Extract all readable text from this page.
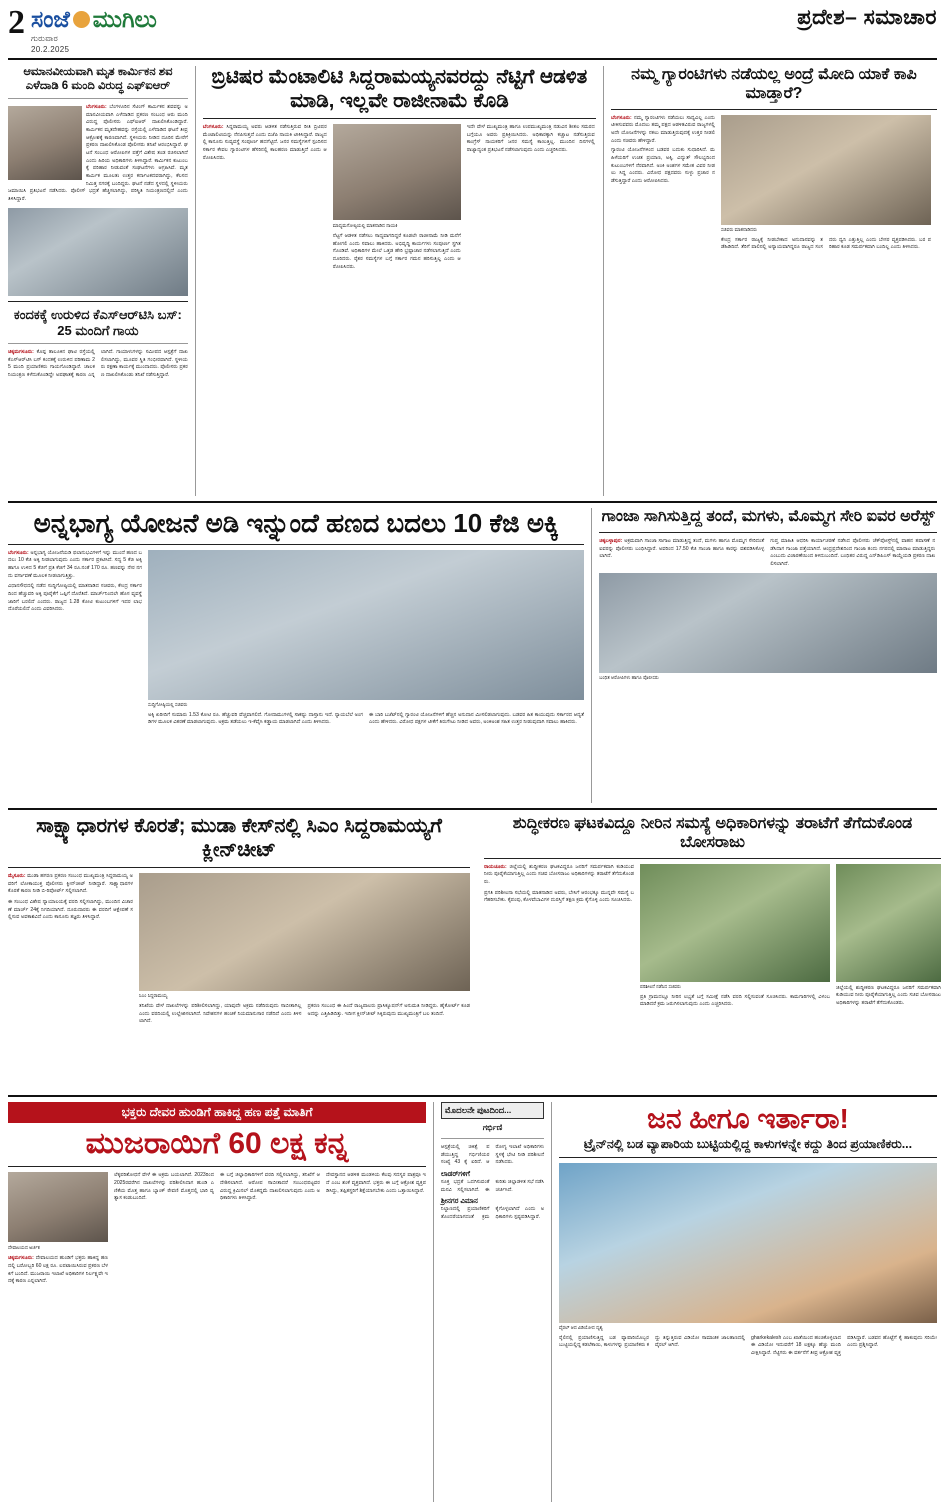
2 ಸಂಜೆ ಮುಗಿಲು
ಗುರುವಾರ
20.2.2025
ಪ್ರದೇಶ– ಸಮಾಚಾರ
ಆಮಾನವೀಯವಾಗಿ ಮೃತ ಕಾರ್ಮಿಕನ ಶವ ಎಳೆದಾಡಿ 6 ಮಂದಿ ವಿರುದ್ಧ ಎಫ್‌ಐಆರ್
ಬೆಂಗಳೂರು: ಬೆಂಗಳೂರಿನ ಸೆಟಿಂಗ್ ಕಾರ್ಮಿಕನ ಶವವನ್ನು ಅಮಾನವೀಯವಾಗಿ ಎಳೆದಾಡಿದ ಪ್ರಕರಣ ಸಂಬಂಧ ಆರು ಮಂದಿ ವಿರುದ್ಧ ಪೊಲೀಸರು ಎಫ್‌ಐಆರ್ ದಾಖಲಿಸಿಕೊಂಡಿದ್ದಾರೆ. ಕಾರ್ಮಿಕನ ಮೃತದೇಹವನ್ನು ರಸ್ತೆಯಲ್ಲಿ ಎಳೆದಾಡಿದ ಘಟನೆ ತೀವ್ರ ಆಕ್ರೋಶಕ್ಕೆ ಕಾರಣವಾಗಿದೆ. ಸ್ಥಳೀಯರು ನೀಡಿದ ದೂರಿನ ಮೇರೆಗೆ ಪ್ರಕರಣ ದಾಖಲಿಸಿಕೊಂಡ ಪೊಲೀಸರು ತನಿಖೆ ಆರಂಭಿಸಿದ್ದಾರೆ. ಘಟನೆ ಸಂಬಂಧ ಆರೋಪಿಗಳ ಪತ್ತೆಗೆ ವಿಶೇಷ ತಂಡ ರಚಿಸಲಾಗಿದೆ ಎಂದು ಹಿರಿಯ ಅಧಿಕಾರಿಗಳು ತಿಳಿಸಿದ್ದಾರೆ. ಕಾರ್ಮಿಕನ ಕುಟುಂಬಕ್ಕೆ ಪರಿಹಾರ ನೀಡುವಂತೆ ಸಂಘಟನೆಗಳು ಆಗ್ರಹಿಸಿವೆ. ಮೃತ ಕಾರ್ಮಿಕ ಮೂಲತಃ ಉತ್ತರ ಕರ್ನಾಟಕದವರಾಗಿದ್ದು, ಕೆಲಸದ ನಿಮಿತ್ತ ನಗರಕ್ಕೆ ಬಂದಿದ್ದರು. ಘಟನೆ ನಡೆದ ಸ್ಥಳದಲ್ಲಿ ಸ್ಥಳೀಯರು ಜಮಾಯಿಸಿ ಪ್ರತಿಭಟನೆ ನಡೆಸಿದರು. ಪೊಲೀಸ್ ಭದ್ರತೆ ಹೆಚ್ಚಿಸಲಾಗಿದ್ದು, ಪರಿಸ್ಥಿತಿ ನಿಯಂತ್ರಣದಲ್ಲಿದೆ ಎಂದು ತಿಳಿಸಿದ್ದಾರೆ.
ಕಂದಕಕ್ಕೆ ಉರುಳಿದ ಕೆಎಸ್‌ಆರ್‌ಟಿಸಿ ಬಸ್: 25 ಮಂದಿಗೆ ಗಾಯ
ಚಿಕ್ಕಮಗಳೂರು: ಕೊಪ್ಪ ತಾಲೂಕಿನ ಘಾಟಿ ರಸ್ತೆಯಲ್ಲಿ ಕೆಎಸ್‌ಆರ್‌ಟಿಸಿ ಬಸ್ ಕಂದಕಕ್ಕೆ ಉರುಳಿದ ಪರಿಣಾಮ 25 ಮಂದಿ ಪ್ರಯಾಣಿಕರು ಗಾಯಗೊಂಡಿದ್ದಾರೆ. ಚಾಲಕ ನಿಯಂತ್ರಣ ಕಳೆದುಕೊಂಡಿದ್ದೇ ಅಪಘಾತಕ್ಕೆ ಕಾರಣ ಎನ್ನಲಾಗಿದೆ. ಗಾಯಾಳುಗಳನ್ನು ಸಮೀಪದ ಆಸ್ಪತ್ರೆಗೆ ದಾಖಲಿಸಲಾಗಿದ್ದು, ಮೂವರ ಸ್ಥಿತಿ ಗಂಭೀರವಾಗಿದೆ. ಸ್ಥಳೀಯರು ರಕ್ಷಣಾ ಕಾರ್ಯಕ್ಕೆ ಮುಂದಾದರು. ಪೊಲೀಸರು ಪ್ರಕರಣ ದಾಖಲಿಸಿಕೊಂಡು ತನಿಖೆ ನಡೆಸುತ್ತಿದ್ದಾರೆ.
ಬ್ರಿಟಿಷರ ಮೆಂಟಾಲಿಟಿ ಸಿದ್ದರಾಮಯ್ಯನವರದ್ದು ನೆಟ್ಟಿಗೆ ಆಡಳಿತ ಮಾಡಿ, ಇಲ್ಲವೇ ರಾಜೀನಾಮೆ ಕೊಡಿ
ಬೆಂಗಳೂರು: ಸಿದ್ದರಾಮಯ್ಯ ಅವರು ಆಡಳಿತ ನಡೆಸುತ್ತಿರುವ ರೀತಿ ಬ್ರಿಟಿಷರ ಮೆಂಟಾಲಿಟಿಯನ್ನು ನೆನಪಿಸುತ್ತದೆ ಎಂದು ಬಿಜೆಪಿ ನಾಯಕಿ ಟೀಕಿಸಿದ್ದಾರೆ. ರಾಜ್ಯದಲ್ಲಿ ಕಾನೂನು ಸುವ್ಯವಸ್ಥೆ ಸಂಪೂರ್ಣ ಹದಗೆಟ್ಟಿದೆ. ಜನರ ಸಮಸ್ಯೆಗಳಿಗೆ ಸ್ಪಂದಿಸದ ಸರ್ಕಾರ ಕೇವಲ ಗ್ಯಾರಂಟಿಗಳ ಹೆಸರಿನಲ್ಲಿ ಕಾಲಹರಣ ಮಾಡುತ್ತಿದೆ ಎಂದು ಆರೋಪಿಸಿದರು.
ಮಾಧ್ಯಮಗೋಷ್ಠಿಯಲ್ಲಿ ಮಾತನಾಡಿದ ನಾಯಕಿ
ನೆಟ್ಟಗೆ ಆಡಳಿತ ನಡೆಸಲು ಸಾಧ್ಯವಾಗದಿದ್ದರೆ ಕೂಡಲೇ ರಾಜೀನಾಮೆ ನೀಡಿ ಮನೆಗೆ ಹೋಗಲಿ ಎಂದು ಸವಾಲು ಹಾಕಿದರು. ಅಭಿವೃದ್ಧಿ ಕಾರ್ಯಗಳು ಸಂಪೂರ್ಣ ಸ್ಥಗಿತಗೊಂಡಿವೆ. ಅಧಿಕಾರಿಗಳ ಮೇಲೆ ಒತ್ತಡ ಹೇರಿ ಭ್ರಷ್ಟಾಚಾರ ನಡೆಸಲಾಗುತ್ತಿದೆ ಎಂದು ದೂರಿದರು. ರೈತರ ಸಮಸ್ಯೆಗಳ ಬಗ್ಗೆ ಸರ್ಕಾರ ಗಮನ ಹರಿಸುತ್ತಿಲ್ಲ ಎಂದು ಆರೋಪಿಸಿದರು.
ಇದೇ ವೇಳೆ ಮುಖ್ಯಮಂತ್ರಿ ಹಾಗೂ ಉಪಮುಖ್ಯಮಂತ್ರಿ ನಡುವಿನ ಶೀತಲ ಸಮರದ ಬಗ್ಗೆಯೂ ಅವರು ಪ್ರತಿಕ್ರಿಯಿಸಿದರು. ಅಧಿಕಾರಕ್ಕಾಗಿ ಕಚ್ಚಾಟ ನಡೆಸುತ್ತಿರುವ ಕಾಂಗ್ರೆಸ್ ನಾಯಕರಿಗೆ ಜನರ ಸಮಸ್ಯೆ ಕಾಣುತ್ತಿಲ್ಲ. ಮುಂದಿನ ದಿನಗಳಲ್ಲಿ ರಾಜ್ಯಾದ್ಯಂತ ಪ್ರತಿಭಟನೆ ನಡೆಸಲಾಗುವುದು ಎಂದು ಎಚ್ಚರಿಸಿದರು.
ನಮ್ಮ ಗ್ಯಾರಂಟಿಗಳು ನಡೆಯಲ್ಲ ಅಂದ್ರೆ ಮೋದಿ ಯಾಕೆ ಕಾಪಿ ಮಾಡ್ತಾರೆ?
ಬೆಂಗಳೂರು: ನಮ್ಮ ಗ್ಯಾರಂಟಿಗಳು ನಡೆಯಲು ಸಾಧ್ಯವಿಲ್ಲ ಎಂದು ಟೀಕಿಸುವವರು ಮೊದಲು ತಮ್ಮ ಪಕ್ಷದ ಆಡಳಿತವಿರುವ ರಾಜ್ಯಗಳಲ್ಲಿ ಅದೇ ಯೋಜನೆಗಳನ್ನು ನಕಲು ಮಾಡುತ್ತಿರುವುದಕ್ಕೆ ಉತ್ತರ ನೀಡಲಿ ಎಂದು ಸಚಿವರು ಹೇಳಿದ್ದಾರೆ.
ಗ್ಯಾರಂಟಿ ಯೋಜನೆಗಳಿಂದ ಬಡವರ ಬದುಕು ಸುಧಾರಿಸಿದೆ. ಮಹಿಳೆಯರಿಗೆ ಉಚಿತ ಪ್ರಯಾಣ, ಅಕ್ಕಿ, ವಿದ್ಯುತ್ ಸೌಲಭ್ಯದಿಂದ ಕುಟುಂಬಗಳಿಗೆ ನೆರವಾಗಿದೆ. ಅಂಕಿ ಅಂಶಗಳ ಸಮೇತ ವಿವರ ನೀಡಲು ಸಿದ್ಧ ಎಂದರು. ವಿರೋಧ ಪಕ್ಷದವರು ಸುಳ್ಳು ಪ್ರಚಾರ ನಡೆಸುತ್ತಿದ್ದಾರೆ ಎಂದು ಆರೋಪಿಸಿದರು.
ಸಚಿವರು ಮಾತನಾಡಿದರು
ಕೇಂದ್ರ ಸರ್ಕಾರ ರಾಜ್ಯಕ್ಕೆ ನೀಡಬೇಕಾದ ಅನುದಾನವನ್ನು ತಡೆಹಿಡಿದಿದೆ. ತೆರಿಗೆ ಪಾಲಿನಲ್ಲಿ ಅನ್ಯಾಯವಾಗಿದ್ದರೂ ರಾಜ್ಯದ ಸಂಸದರು ಧ್ವನಿ ಎತ್ತುತ್ತಿಲ್ಲ ಎಂದು ಬೇಸರ ವ್ಯಕ್ತಪಡಿಸಿದರು. ಬರ ಪರಿಹಾರ ಕೂಡ ಸಮರ್ಪಕವಾಗಿ ಬಂದಿಲ್ಲ ಎಂದು ತಿಳಿಸಿದರು.
ಅನ್ನಭಾಗ್ಯ ಯೋಜನೆ ಅಡಿ ಇನ್ನುಂದೆ ಹಣದ ಬದಲು 10 ಕೆಜಿ ಅಕ್ಕಿ
ಬೆಂಗಳೂರು: ಅನ್ನಭಾಗ್ಯ ಯೋಜನೆಯಡಿ ಫಲಾನುಭವಿಗಳಿಗೆ ಇನ್ನು ಮುಂದೆ ಹಣದ ಬದಲು 10 ಕೆಜಿ ಅಕ್ಕಿ ನೀಡಲಾಗುವುದು ಎಂದು ಸರ್ಕಾರ ಪ್ರಕಟಿಸಿದೆ. ಸದ್ಯ 5 ಕೆಜಿ ಅಕ್ಕಿ ಹಾಗೂ ಉಳಿದ 5 ಕೆಜಿಗೆ ಪ್ರತಿ ಕೆಜಿಗೆ 34 ರೂ.ನಂತೆ 170 ರೂ. ಹಣವನ್ನು ನೇರ ನಗದು ವರ್ಗಾವಣೆ ಮೂಲಕ ನೀಡಲಾಗುತ್ತಿತ್ತು.
ವಿಧಾನಸೌಧದಲ್ಲಿ ನಡೆದ ಸುದ್ದಿಗೋಷ್ಠಿಯಲ್ಲಿ ಮಾತನಾಡಿದ ಸಚಿವರು, ಕೇಂದ್ರ ಸರ್ಕಾರದಿಂದ ಹೆಚ್ಚುವರಿ ಅಕ್ಕಿ ಪೂರೈಕೆಗೆ ಒಪ್ಪಿಗೆ ದೊರೆತಿದೆ. ಮಾರ್ಚ್‌ನಿಂದಲೇ ಹೊಸ ವ್ಯವಸ್ಥೆ ಜಾರಿಗೆ ಬರಲಿದೆ ಎಂದರು. ರಾಜ್ಯದ 1.28 ಕೋಟಿ ಕುಟುಂಬಗಳಿಗೆ ಇದರ ಲಾಭ ದೊರೆಯಲಿದೆ ಎಂದು ವಿವರಿಸಿದರು.
ಸುದ್ದಿಗೋಷ್ಠಿಯಲ್ಲಿ ಸಚಿವರು
ಅಕ್ಕಿ ಖರೀದಿಗೆ ಸುಮಾರು 1.53 ಕೋಟಿ ರೂ. ಹೆಚ್ಚುವರಿ ವೆಚ್ಚವಾಗಲಿದೆ. ಗೋದಾಮುಗಳಲ್ಲಿ ಸಾಕಷ್ಟು ದಾಸ್ತಾನು ಇದೆ. ನ್ಯಾಯಬೆಲೆ ಅಂಗಡಿಗಳ ಮೂಲಕ ವಿತರಣೆ ಮಾಡಲಾಗುವುದು. ಅಕ್ರಮ ತಡೆಯಲು ಇ-ಕೆವೈಸಿ ಕಡ್ಡಾಯ ಮಾಡಲಾಗಿದೆ ಎಂದು ತಿಳಿಸಿದರು.
ಈ ಬಾರಿ ಬಜೆಟ್‌ನಲ್ಲಿ ಗ್ಯಾರಂಟಿ ಯೋಜನೆಗಳಿಗೆ ಹೆಚ್ಚಿನ ಅನುದಾನ ಮೀಸಲಿಡಲಾಗುವುದು. ಬಡವರ ಹಿತ ಕಾಯುವುದು ಸರ್ಕಾರದ ಆದ್ಯತೆ ಎಂದು ಹೇಳಿದರು. ವಿರೋಧ ಪಕ್ಷಗಳ ಟೀಕೆಗೆ ತಿರುಗೇಟು ನೀಡಿದ ಅವರು, ಅಂಕಿಅಂಶ ಸಹಿತ ಉತ್ತರ ನೀಡುವುದಾಗಿ ಸವಾಲು ಹಾಕಿದರು.
ಗಾಂಜಾ ಸಾಗಿಸುತ್ತಿದ್ದ ತಂದೆ, ಮಗಳು, ಮೊಮ್ಮಗ ಸೇರಿ ಐವರ ಅರೆಸ್ಟ್
ಚಿಕ್ಕಬಳ್ಳಾಪುರ: ಅಕ್ರಮವಾಗಿ ಗಾಂಜಾ ಸಾಗಾಟ ಮಾಡುತ್ತಿದ್ದ ತಂದೆ, ಮಗಳು ಹಾಗೂ ಮೊಮ್ಮಗ ಸೇರಿದಂತೆ ಐವರನ್ನು ಪೊಲೀಸರು ಬಂಧಿಸಿದ್ದಾರೆ. ಅವರಿಂದ 17.50 ಕೆಜಿ ಗಾಂಜಾ ಹಾಗೂ ಕಾರನ್ನು ವಶಪಡಿಸಿಕೊಳ್ಳಲಾಗಿದೆ.
ಗುಪ್ತ ಮಾಹಿತಿ ಆಧರಿಸಿ ಕಾರ್ಯಾಚರಣೆ ನಡೆಸಿದ ಪೊಲೀಸರು ಚೆಕ್‌ಪೋಸ್ಟ್‌ನಲ್ಲಿ ವಾಹನ ತಪಾಸಣೆ ನಡೆಸಿದಾಗ ಗಾಂಜಾ ಪತ್ತೆಯಾಗಿದೆ. ಆಂಧ್ರಪ್ರದೇಶದಿಂದ ಗಾಂಜಾ ತಂದು ನಗರದಲ್ಲಿ ಮಾರಾಟ ಮಾಡುತ್ತಿದ್ದರು ಎಂಬುದು ವಿಚಾರಣೆಯಿಂದ ತಿಳಿದುಬಂದಿದೆ. ಬಂಧಿತರ ವಿರುದ್ಧ ಎನ್‌ಡಿಪಿಎಸ್ ಕಾಯ್ದೆಯಡಿ ಪ್ರಕರಣ ದಾಖಲಿಸಲಾಗಿದೆ.
ಬಂಧಿತ ಆರೋಪಿಗಳು ಹಾಗೂ ಪೊಲೀಸರು
ಸಾಕ್ಷ್ಯಾಧಾರಗಳ ಕೊರತೆ; ಮುಡಾ ಕೇಸ್‌ನಲ್ಲಿ ಸಿಎಂ ಸಿದ್ದರಾಮಯ್ಯಗೆ ಕ್ಲೀನ್‌ಚೀಟ್
ಮೈಸೂರು: ಮುಡಾ ಹಗರಣ ಪ್ರಕರಣ ಸಂಬಂಧ ಮುಖ್ಯಮಂತ್ರಿ ಸಿದ್ದರಾಮಯ್ಯ ಅವರಿಗೆ ಲೋಕಾಯುಕ್ತ ಪೊಲೀಸರು ಕ್ಲೀನ್‌ಚೀಟ್ ನೀಡಿದ್ದಾರೆ. ಸಾಕ್ಷ್ಯಾಧಾರಗಳ ಕೊರತೆ ಕಾರಣ ನೀಡಿ ಬಿ-ರಿಪೋರ್ಟ್ ಸಲ್ಲಿಸಲಾಗಿದೆ.
ಈ ಸಂಬಂಧ ವಿಶೇಷ ನ್ಯಾಯಾಲಯಕ್ಕೆ ವರದಿ ಸಲ್ಲಿಸಲಾಗಿದ್ದು, ಮುಂದಿನ ವಿಚಾರಣೆ ಮಾರ್ಚ್ 24ಕ್ಕೆ ನಿಗದಿಯಾಗಿದೆ. ದೂರುದಾರರು ಈ ವರದಿಗೆ ಆಕ್ಷೇಪಣೆ ಸಲ್ಲಿಸುವ ಅವಕಾಶವಿದೆ ಎಂದು ಕಾನೂನು ತಜ್ಞರು ತಿಳಿಸಿದ್ದಾರೆ.
ಸಿಎಂ ಸಿದ್ದರಾಮಯ್ಯ
ತನಿಖೆಯ ವೇಳೆ ದಾಖಲೆಗಳನ್ನು ಪರಿಶೀಲಿಸಲಾಗಿದ್ದು, ಯಾವುದೇ ಅಕ್ರಮ ನಡೆದಿರುವುದು ಸಾಬೀತಾಗಿಲ್ಲ ಎಂದು ವರದಿಯಲ್ಲಿ ಉಲ್ಲೇಖಿಸಲಾಗಿದೆ. ನಿವೇಶನಗಳ ಹಂಚಿಕೆ ನಿಯಮಾನುಸಾರ ನಡೆದಿದೆ ಎಂದು ತಿಳಿಸಲಾಗಿದೆ.
ಪ್ರಕರಣ ಸಂಬಂಧ ಈ ಹಿಂದೆ ರಾಜ್ಯಪಾಲರು ಪ್ರಾಸಿಕ್ಯೂಷನ್‌ಗೆ ಅನುಮತಿ ನೀಡಿದ್ದರು. ಹೈಕೋರ್ಟ್ ಕೂಡ ಅದನ್ನು ಎತ್ತಿಹಿಡಿದಿತ್ತು. ಇದೀಗ ಕ್ಲೀನ್‌ಚೀಟ್ ಸಿಕ್ಕಿರುವುದು ಮುಖ್ಯಮಂತ್ರಿಗೆ ಬಲ ತಂದಿದೆ.
ಶುದ್ಧೀಕರಣ ಘಟಕವಿದ್ದೂ ನೀರಿನ ಸಮಸ್ಯೆ ಅಧಿಕಾರಿಗಳನ್ನು ತರಾಟೆಗೆ ತೆಗೆದುಕೊಂಡ ಬೋಸರಾಜು
ರಾಯಚೂರು: ಜಿಲ್ಲೆಯಲ್ಲಿ ಶುದ್ಧೀಕರಣ ಘಟಕವಿದ್ದರೂ ಜನರಿಗೆ ಸಮರ್ಪಕವಾಗಿ ಕುಡಿಯುವ ನೀರು ಪೂರೈಕೆಯಾಗುತ್ತಿಲ್ಲ ಎಂದು ಸಚಿವ ಬೋಸರಾಜು ಅಧಿಕಾರಿಗಳನ್ನು ತರಾಟೆಗೆ ತೆಗೆದುಕೊಂಡರು.
ಪ್ರಗತಿ ಪರಿಶೀಲನಾ ಸಭೆಯಲ್ಲಿ ಮಾತನಾಡಿದ ಅವರು, ಬೇಸಿಗೆ ಆರಂಭಕ್ಕೂ ಮುನ್ನವೇ ಸಮಸ್ಯೆ ಬಗೆಹರಿಸಬೇಕು. ಕೈಪಂಪು, ಕೊಳವೆಬಾವಿಗಳ ದುರಸ್ತಿಗೆ ತಕ್ಷಣ ಕ್ರಮ ಕೈಗೊಳ್ಳಿ ಎಂದು ಸೂಚಿಸಿದರು.
ಪರಿಶೀಲನೆ ನಡೆಸಿದ ಸಚಿವರು
ಪ್ರತಿ ಗ್ರಾಮದಲ್ಲೂ ನೀರಿನ ಲಭ್ಯತೆ ಬಗ್ಗೆ ಸಮೀಕ್ಷೆ ನಡೆಸಿ ವರದಿ ಸಲ್ಲಿಸುವಂತೆ ಸೂಚಿಸಿದರು. ಕಾಮಗಾರಿಗಳಲ್ಲಿ ವಿಳಂಬ ಮಾಡಿದರೆ ಕ್ರಮ ಜರುಗಿಸಲಾಗುವುದು ಎಂದು ಎಚ್ಚರಿಸಿದರು.
ಜಿಲ್ಲೆಯಲ್ಲಿ ಶುದ್ಧೀಕರಣ ಘಟಕವಿದ್ದರೂ ಜನರಿಗೆ ಸಮರ್ಪಕವಾಗಿ ಕುಡಿಯುವ ನೀರು ಪೂರೈಕೆಯಾಗುತ್ತಿಲ್ಲ ಎಂದು ಸಚಿವ ಬೋಸರಾಜು ಅಧಿಕಾರಿಗಳನ್ನು ತರಾಟೆಗೆ ತೆಗೆದುಕೊಂಡರು.
ಭಕ್ತರು ದೇವರ ಹುಂಡಿಗೆ ಹಾಕಿದ್ದ ಹಣ ಪತ್ತೆ ಮಾತಿಗೆ
ಮುಜರಾಯಿಗೆ 60 ಲಕ್ಷ ಕನ್ನ
ದೇವಾಲಯದ ಅರ್ಚಕ
ಚಿಕ್ಕಮಗಳೂರು: ದೇವಾಲಯದ ಹುಂಡಿಗೆ ಭಕ್ತರು ಹಾಕಿದ್ದ ಹಣದಲ್ಲಿ ಬರೋಬ್ಬರಿ 60 ಲಕ್ಷ ರೂ. ಲಪಟಾಯಿಸಿರುವ ಪ್ರಕರಣ ಬೆಳಕಿಗೆ ಬಂದಿದೆ. ಮುಜರಾಯಿ ಇಲಾಖೆ ಅಧಿಕಾರಿಗಳ ನಿರ್ಲಕ್ಷ್ಯವೇ ಇದಕ್ಕೆ ಕಾರಣ ಎನ್ನಲಾಗಿದೆ.
ಲೆಕ್ಕಪರಿಶೋಧನೆ ವೇಳೆ ಈ ಅಕ್ರಮ ಬಯಲಾಗಿದೆ. 2023ರಿಂದ 2025ರವರೆಗಿನ ದಾಖಲೆಗಳನ್ನು ಪರಿಶೀಲಿಸಿದಾಗ ಹುಂಡಿ ಎಣಿಕೆಯ ಮೊತ್ತ ಹಾಗೂ ಬ್ಯಾಂಕ್ ಠೇವಣಿ ಮೊತ್ತದಲ್ಲಿ ಭಾರಿ ವ್ಯತ್ಯಾಸ ಕಂಡುಬಂದಿದೆ.
ಈ ಬಗ್ಗೆ ಜಿಲ್ಲಾಧಿಕಾರಿಗಳಿಗೆ ವರದಿ ಸಲ್ಲಿಸಲಾಗಿದ್ದು, ತನಿಖೆಗೆ ಆದೇಶಿಸಲಾಗಿದೆ. ಆರೋಪ ಸಾಬೀತಾದರೆ ಸಂಬಂಧಪಟ್ಟವರ ವಿರುದ್ಧ ಕ್ರಿಮಿನಲ್ ಮೊಕದ್ದಮೆ ದಾಖಲಿಸಲಾಗುವುದು ಎಂದು ಅಧಿಕಾರಿಗಳು ತಿಳಿಸಿದ್ದಾರೆ.
ದೇವಸ್ಥಾನದ ಆಡಳಿತ ಮಂಡಳಿಯ ಕೆಲವು ಸದಸ್ಯರ ಪಾತ್ರವೂ ಇದೆ ಎಂಬ ಶಂಕೆ ವ್ಯಕ್ತವಾಗಿದೆ. ಭಕ್ತರು ಈ ಬಗ್ಗೆ ಆಕ್ರೋಶ ವ್ಯಕ್ತಪಡಿಸಿದ್ದು, ತಪ್ಪಿತಸ್ಥರಿಗೆ ಶಿಕ್ಷೆಯಾಗಬೇಕು ಎಂದು ಒತ್ತಾಯಿಸಿದ್ದಾರೆ.
ಮೊದಲನೇ ಪುಟದಿಂದ...
ಗರ್ಭಿಣಿ
ಆಸ್ಪತ್ರೆಯಲ್ಲಿ ಚಿಕಿತ್ಸೆ ಪಡೆಯುತ್ತಿದ್ದ ಗರ್ಭಿಣಿಯರ ಸಂಖ್ಯೆ 43 ಕ್ಕೆ ಏರಿದೆ. ಆರೋಗ್ಯ ಇಲಾಖೆ ಅಧಿಕಾರಿಗಳು ಸ್ಥಳಕ್ಕೆ ಭೇಟಿ ನೀಡಿ ಪರಿಶೀಲನೆ ನಡೆಸಿದರು.
ಲಾಡರ್‌ಗಳಿಗೆ
ಸೂಕ್ತ ಭದ್ರತೆ ಒದಗಿಸುವಂತೆ ಮನವಿ ಸಲ್ಲಿಸಲಾಗಿದೆ. ಈ ಕುರಿತು ಜಿಲ್ಲಾಡಳಿತ ಸಭೆ ನಡೆಸಿ ಚರ್ಚಿಸಿದೆ.
ಶ್ರೀನಗರ ವಿಮಾನ
ನಿಲ್ದಾಣದಲ್ಲಿ ಪ್ರಯಾಣಿಕರಿಗೆ ತೊಂದರೆಯಾಗದಂತೆ ಕ್ರಮ ಕೈಗೊಳ್ಳಲಾಗಿದೆ ಎಂದು ಅಧಿಕಾರಿಗಳು ಸ್ಪಷ್ಟಪಡಿಸಿದ್ದಾರೆ.
ಜನ ಹೀಗೂ ಇರ್ತಾರಾ!
ಟ್ರೈನ್‌ನಲ್ಲಿ ಬಡ ವ್ಯಾಪಾರಿಯ ಬುಟ್ಟಿಯಲ್ಲಿದ್ದ ಕಾಳುಗಳನ್ನೇ ಕದ್ದು ತಿಂದ ಪ್ರಯಾಣಿಕರು...
ವೈರಲ್ ಆದ ವಿಡಿಯೋದ ದೃಶ್ಯ
ರೈಲಿನಲ್ಲಿ ಪ್ರಯಾಣಿಸುತ್ತಿದ್ದ ಬಡ ವ್ಯಾಪಾರಿಯೊಬ್ಬರ ಬುಟ್ಟಿಯಲ್ಲಿದ್ದ ಕಡಲೆಕಾಯಿ, ಕಾಳುಗಳನ್ನು ಪ್ರಯಾಣಿಕರು ಕದ್ದು ತಿನ್ನುತ್ತಿರುವ ವಿಡಿಯೋ ಸಾಮಾಜಿಕ ಜಾಲತಾಣದಲ್ಲಿ ವೈರಲ್ ಆಗಿದೆ.
gharkekalesh ಎಂಬ ಖಾತೆಯಿಂದ ಹಂಚಿಕೊಳ್ಳಲಾದ ಈ ವಿಡಿಯೋ ಇದುವರೆಗೆ 18 ಲಕ್ಷಕ್ಕೂ ಹೆಚ್ಚು ಮಂದಿ ವೀಕ್ಷಿಸಿದ್ದಾರೆ. ನೆಟ್ಟಿಗರು ಈ ವರ್ತನೆಗೆ ತೀವ್ರ ಆಕ್ರೋಶ ವ್ಯಕ್ತಪಡಿಸಿದ್ದಾರೆ. ಬಡವನ ಹೊಟ್ಟೆಗೆ ಕೈ ಹಾಕುವುದು ಸರಿಯೇ ಎಂದು ಪ್ರಶ್ನಿಸಿದ್ದಾರೆ.
